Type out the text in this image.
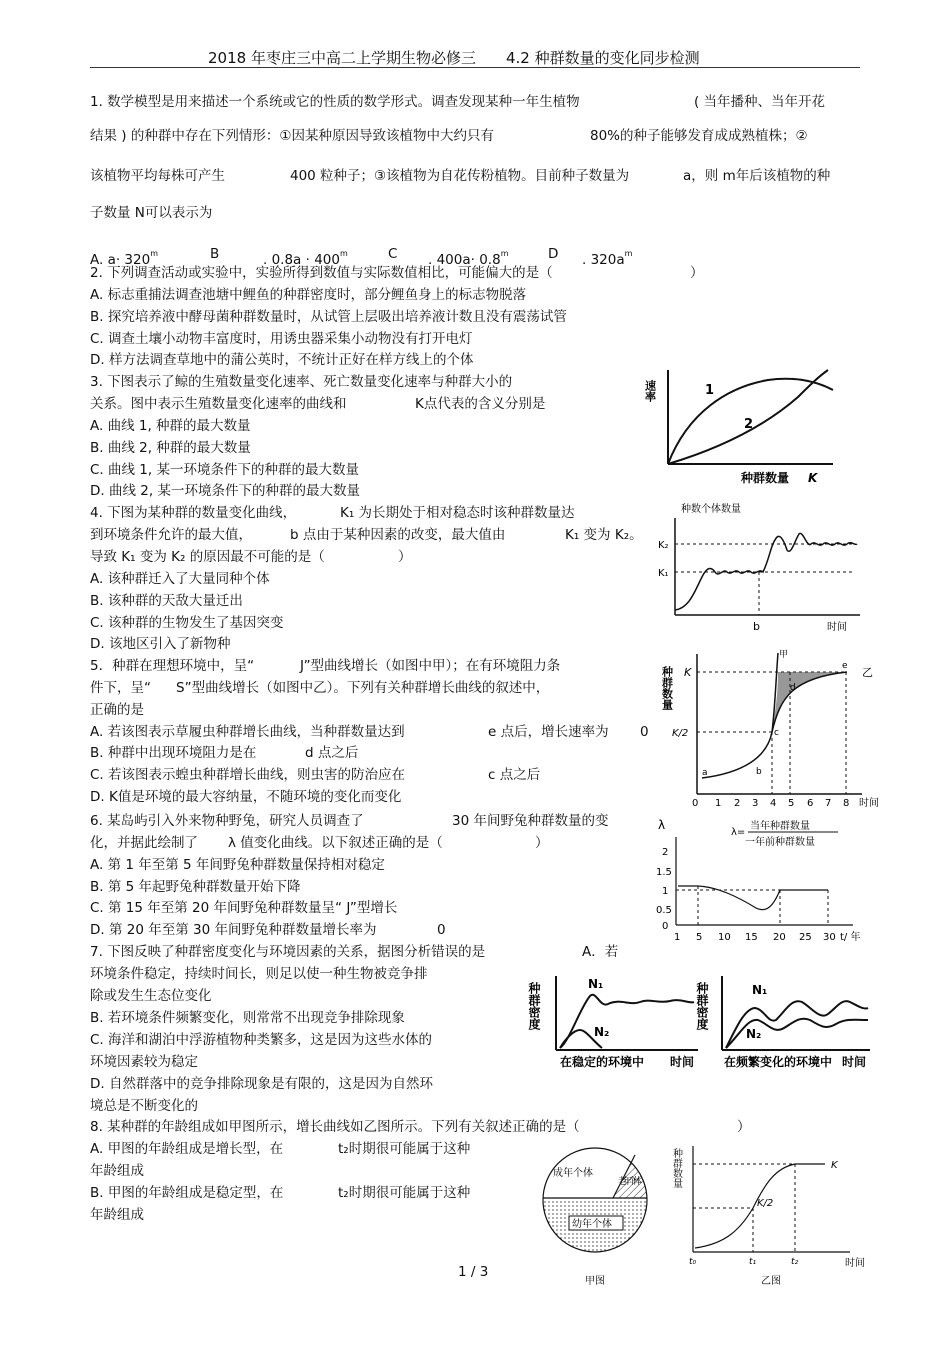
2018 年枣庄三中高二上学期生物必修三　　4.2 种群数量的变化同步检测
1. 数学模型是用来描述一个系统或它的性质的数学形式。调查发现某种一年生植物	( 当年播种、当年开花
结果 ) 的种群中存在下列情形：①因某种原因导致该植物中大约只有	80%的种子能够发育成成熟植株；②
该植物平均每株可产生	400 粒种子；③该植物为自花传粉植物。目前种子数量为	a，则 m年后该植物的种
子数量 N可以表示为
A. $a\cdot 320^m$	B	. $0.8a \cdot 400^m$	C . $400a\cdot 0.8^m$	D . $320a^m$
2. 下列调查活动或实验中，实验所得到数值与实际数值相比，可能偏大的是（	）
A. 标志重捕法调查池塘中鲤鱼的种群密度时，部分鲤鱼身上的标志物脱落
B. 探究培养液中酵母菌种群数量时，从试管上层吸出培养液计数且没有震荡试管
C. 调查土壤小动物丰富度时，用诱虫器采集小动物没有打开电灯
D. 样方法调查草地中的蒲公英时，不统计正好在样方线上的个体
3. 下图表示了鲸的生殖数量变化速率、死亡数量变化速率与种群大小的
关系。图中表示生殖数量变化速率的曲线和	K点代表的含义分别是
A. 曲线 1, 种群的最大数量
B. 曲线 2, 种群的最大数量
C. 曲线 1, 某一环境条件下的种群的最大数量
D. 曲线 2, 某一环境条件下的种群的最大数量
4. 下图为某种群的数量变化曲线，	K₁ 为长期处于相对稳态时该种群数量达
到环境条件允许的最大值，	b 点由于某种因素的改变，最大值由	K₁ 变为 K₂。
导致 K₁ 变为 K₂ 的原因最不可能的是（	）
A. 该种群迁入了大量同种个体
B. 该种群的天敌大量迁出
C. 该种群的生物发生了基因突变
D. 该地区引入了新物种
5．种群在理想环境中，呈“	J”型曲线增长（如图中甲）；在有环境阻力条
件下，呈“ S”型曲线增长（如图中乙）。下列有关种群增长曲线的叙述中，
正确的是
A. 若该图表示草履虫种群增长曲线，当种群数量达到	e 点后，增长速率为 0
B. 种群中出现环境阻力是在	d 点之后
C. 若该图表示蝗虫种群增长曲线，则虫害的防治应在	c 点之后
D. K值是环境的最大容纳量，不随环境的变化而变化
6. 某岛屿引入外来物种野兔，研究人员调查了	30 年间野兔种群数量的变
化，并据此绘制了 λ 值变化曲线。以下叙述正确的是（	）
A. 第 1 年至第 5 年间野兔种群数量保持相对稳定
B. 第 5 年起野兔种群数量开始下降
C. 第 15 年至第 20 年间野兔种群数量呈“ J”型增长
D. 第 20 年至第 30 年间野兔种群数量增长率为	0
7. 下图反映了种群密度变化与环境因素的关系，据图分析错误的是	A．若
环境条件稳定，持续时间长，则足以使一种生物被竞争排
除或发生生态位变化
B. 若环境条件频繁变化，则常常不出现竞争排除现象
C. 海洋和湖泊中浮游植物种类繁多，这是因为这些水体的
环境因素较为稳定
D. 自然群落中的竞争排除现象是有限的，这是因为自然环
境总是不断变化的
8. 某种群的年龄组成如甲图所示，增长曲线如乙图所示。下列有关叙述正确的是（	）
A. 甲图的年龄组成是增长型，在	t₂时期很可能属于这种
年龄组成
B. 甲图的年龄组成是稳定型，在	t₂时期很可能属于这种
年龄组成
1 / 3
速率	1
2
种群数量 K
种数个体数量
K₂
K₁
b	时间
种群数量 K
K/2
甲
乙
a	b
c
d
e
0 1 2 3 4 5 6 7 8 时间
λ
λ=
当年种群数量
一年前种群数量
2
1.5
1
0.5
0
1 5 10 15 20 25 30 t/ 年
种群密度	N₁
N₂
在稳定的环境中 时间
种群密度	N₁
N₂
在频繁变化的环境中 时间
成年个体
老年个体
幼年个体
甲图
种群数量	K
K/2
t₀	t₁	t₂	时间
乙图
